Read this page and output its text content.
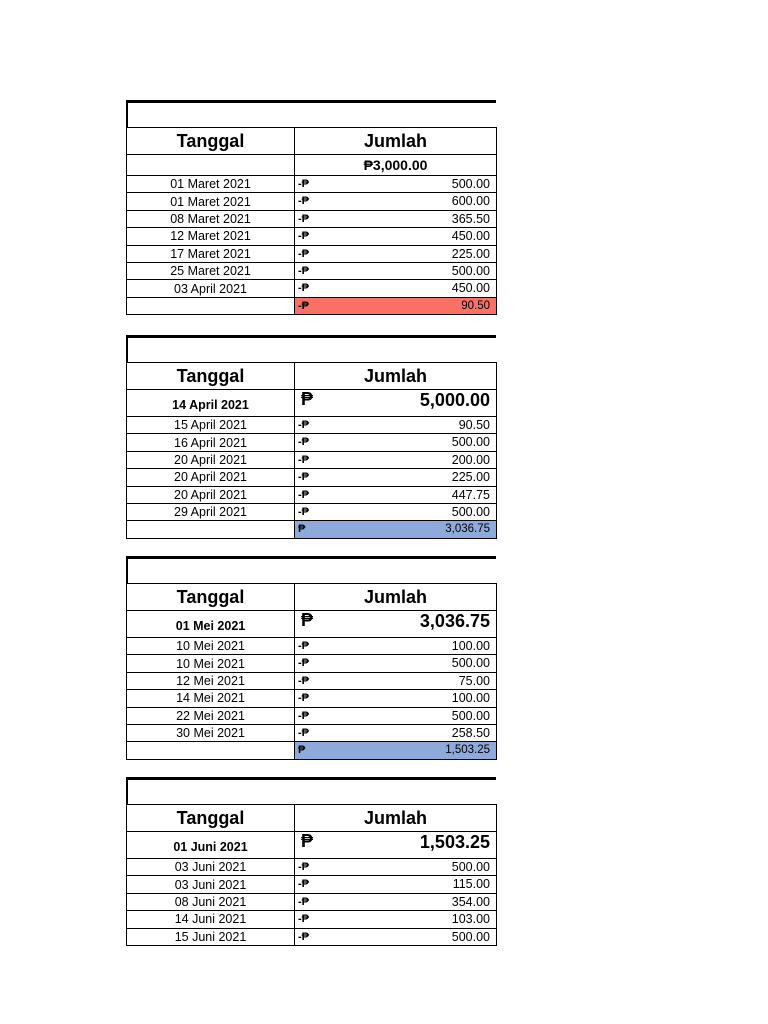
Tanggal	Jumlah
	₱3,000.00
01 Maret 2021	-₱ 500.00

01 Maret 2021	-₱ 600.00

08 Maret 2021	-₱ 365.50

12 Maret 2021	-₱ 450.00

17 Maret 2021	-₱ 225.00

25 Maret 2021	-₱ 500.00

03 April 2021	-₱ 450.00

	-₱ 90.50
Tanggal	Jumlah
14 April 2021	₱ 5,000.00

15 April 2021	-₱ 90.50

16 April 2021	-₱ 500.00

20 April 2021	-₱ 200.00

20 April 2021	-₱ 225.00

20 April 2021	-₱ 447.75

29 April 2021	-₱ 500.00

	₱ 3,036.75
Tanggal	Jumlah
01 Mei 2021	₱ 3,036.75

10 Mei 2021	-₱ 100.00

10 Mei 2021	-₱ 500.00

12 Mei 2021	-₱ 75.00

14 Mei 2021	-₱ 100.00

22 Mei 2021	-₱ 500.00

30 Mei 2021	-₱ 258.50

	₱ 1,503.25
Tanggal	Jumlah
01 Juni 2021	₱ 1,503.25

03 Juni 2021	-₱ 500.00

03 Juni 2021	-₱ 115.00

08 Juni 2021	-₱ 354.00

14 Juni 2021	-₱ 103.00

15 Juni 2021	-₱ 500.00
